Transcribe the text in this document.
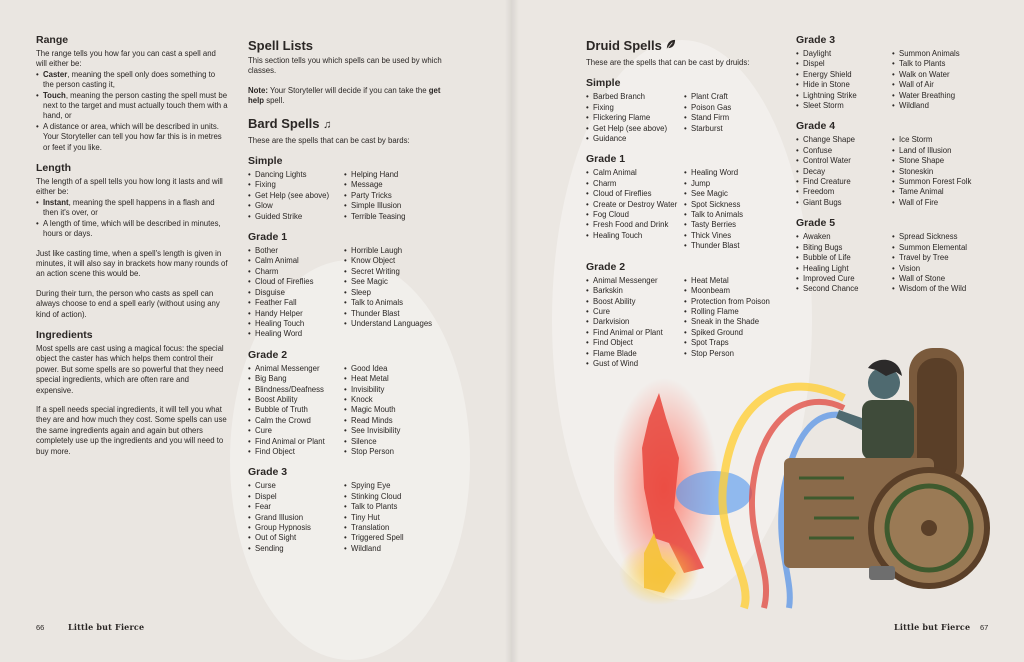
Range
The range tells you how far you can cast a spell and will either be:
• Caster, meaning the spell only does something to the person casting it,
• Touch, meaning the person casting the spell must be next to the target and must actually touch them with a hand, or
• A distance or area, which will be described in units. Your Storyteller can tell you how far this is in metres or feet if you like.
Length
The length of a spell tells you how long it lasts and will either be:
• Instant, meaning the spell happens in a flash and then it's over, or
• A length of time, which will be described in minutes, hours or days.

Just like casting time, when a spell's length is given in minutes, it will also say in brackets how many rounds of an action scene this would be.

During their turn, the person who casts as spell can always choose to end a spell early (without using any kind of action).

Ingredients

Most spells are cast using a magical focus: the special object the caster has which helps them control their power. But some spells are so powerful that they need special ingredients, which are often rare and expensive.

If a spell needs special ingredients, it will tell you what they are and how much they cost. Some spells can use the same ingredients again and again but others completely use up the ingredients and you will need to buy more.

Spell Lists

This section tells you which spells can be used by which classes.

Note: Your Storyteller will decide if you can take the get help spell.

Bard Spells ♫

These are the spells that can be cast by bards:

Simple
• Dancing Lights
• Fixing
• Get Help (see above)
• Glow
• Guided Strike
• Helping Hand
• Message
• Party Tricks
• Simple Illusion
• Terrible Teasing
Grade 1
• Bother
• Calm Animal
• Charm
• Cloud of Fireflies
• Disguise
• Feather Fall
• Handy Helper
• Healing Touch
• Healing Word
• Horrible Laugh
• Know Object
• Secret Writing
• See Magic
• Sleep
• Talk to Animals
• Thunder Blast
• Understand Languages
Grade 2
• Animal Messenger
• Big Bang
• Blindness/Deafness
• Boost Ability
• Bubble of Truth
• Calm the Crowd
• Cure
• Find Animal or Plant
• Find Object
• Good Idea
• Heat Metal
• Invisibility
• Knock
• Magic Mouth
• Read Minds
• See Invisibility
• Silence
• Stop Person
Grade 3
• Curse
• Dispel
• Fear
• Grand Illusion
• Group Hypnosis
• Out of Sight
• Sending
• Spying Eye
• Stinking Cloud
• Talk to Plants
• Tiny Hut
• Translation
• Triggered Spell
• Wildland
Druid Spells

These are the spells that can be cast by druids:

Simple
• Barbed Branch
• Fixing
• Flickering Flame
• Get Help (see above)
• Guidance
• Plant Craft
• Poison Gas
• Stand Firm
• Starburst
Grade 1
• Calm Animal
• Charm
• Cloud of Fireflies
• Create or Destroy Water
• Fog Cloud
• Fresh Food and Drink
• Healing Touch
• Healing Word
• Jump
• See Magic
• Spot Sickness
• Talk to Animals
• Tasty Berries
• Thick Vines
• Thunder Blast
Grade 2
• Animal Messenger
• Barkskin
• Boost Ability
• Cure
• Darkvision
• Find Animal or Plant
• Find Object
• Flame Blade
• Gust of Wind
• Heat Metal
• Moonbeam
• Protection from Poison
• Rolling Flame
• Sneak in the Shade
• Spiked Ground
• Spot Traps
• Stop Person
Grade 3
• Daylight
• Dispel
• Energy Shield
• Hide in Stone
• Lightning Strike
• Sleet Storm
• Summon Animals
• Talk to Plants
• Walk on Water
• Wall of Air
• Water Breathing
• Wildland
Grade 4
• Change Shape
• Confuse
• Control Water
• Decay
• Find Creature
• Freedom
• Giant Bugs
• Ice Storm
• Land of Illusion
• Stone Shape
• Stoneskin
• Summon Forest Folk
• Tame Animal
• Wall of Fire
Grade 5
• Awaken
• Biting Bugs
• Bubble of Life
• Healing Light
• Improved Cure
• Second Chance
• Spread Sickness
• Summon Elemental
• Travel by Tree
• Vision
• Wall of Stone
• Wisdom of the Wild
66	Little but Fierce	Little but Fierce 67
